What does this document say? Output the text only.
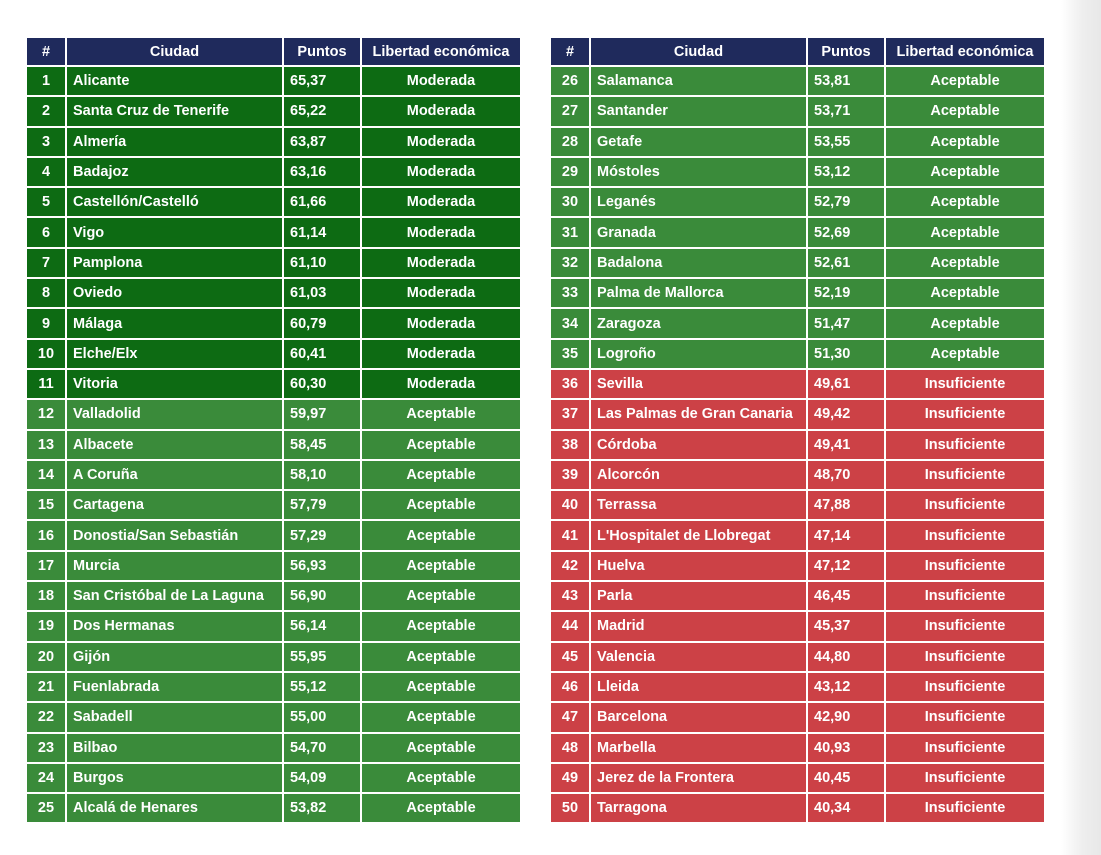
#	Ciudad	Puntos	Libertad económica
1	Alicante	65,37	Moderada
2	Santa Cruz de Tenerife	65,22	Moderada
3	Almería	63,87	Moderada
4	Badajoz	63,16	Moderada
5	Castellón/Castelló	61,66	Moderada
6	Vigo	61,14	Moderada
7	Pamplona	61,10	Moderada
8	Oviedo	61,03	Moderada
9	Málaga	60,79	Moderada
10	Elche/Elx	60,41	Moderada
11	Vitoria	60,30	Moderada
12	Valladolid	59,97	Aceptable
13	Albacete	58,45	Aceptable
14	A Coruña	58,10	Aceptable
15	Cartagena	57,79	Aceptable
16	Donostia/San Sebastián	57,29	Aceptable
17	Murcia	56,93	Aceptable
18	San Cristóbal de La Laguna	56,90	Aceptable
19	Dos Hermanas	56,14	Aceptable
20	Gijón	55,95	Aceptable
21	Fuenlabrada	55,12	Aceptable
22	Sabadell	55,00	Aceptable
23	Bilbao	54,70	Aceptable
24	Burgos	54,09	Aceptable
25	Alcalá de Henares	53,82	Aceptable
#	Ciudad	Puntos	Libertad económica
26	Salamanca	53,81	Aceptable
27	Santander	53,71	Aceptable
28	Getafe	53,55	Aceptable
29	Móstoles	53,12	Aceptable
30	Leganés	52,79	Aceptable
31	Granada	52,69	Aceptable
32	Badalona	52,61	Aceptable
33	Palma de Mallorca	52,19	Aceptable
34	Zaragoza	51,47	Aceptable
35	Logroño	51,30	Aceptable
36	Sevilla	49,61	Insuficiente
37	Las Palmas de Gran Canaria	49,42	Insuficiente
38	Córdoba	49,41	Insuficiente
39	Alcorcón	48,70	Insuficiente
40	Terrassa	47,88	Insuficiente
41	L'Hospitalet de Llobregat	47,14	Insuficiente
42	Huelva	47,12	Insuficiente
43	Parla	46,45	Insuficiente
44	Madrid	45,37	Insuficiente
45	Valencia	44,80	Insuficiente
46	Lleida	43,12	Insuficiente
47	Barcelona	42,90	Insuficiente
48	Marbella	40,93	Insuficiente
49	Jerez de la Frontera	40,45	Insuficiente
50	Tarragona	40,34	Insuficiente
